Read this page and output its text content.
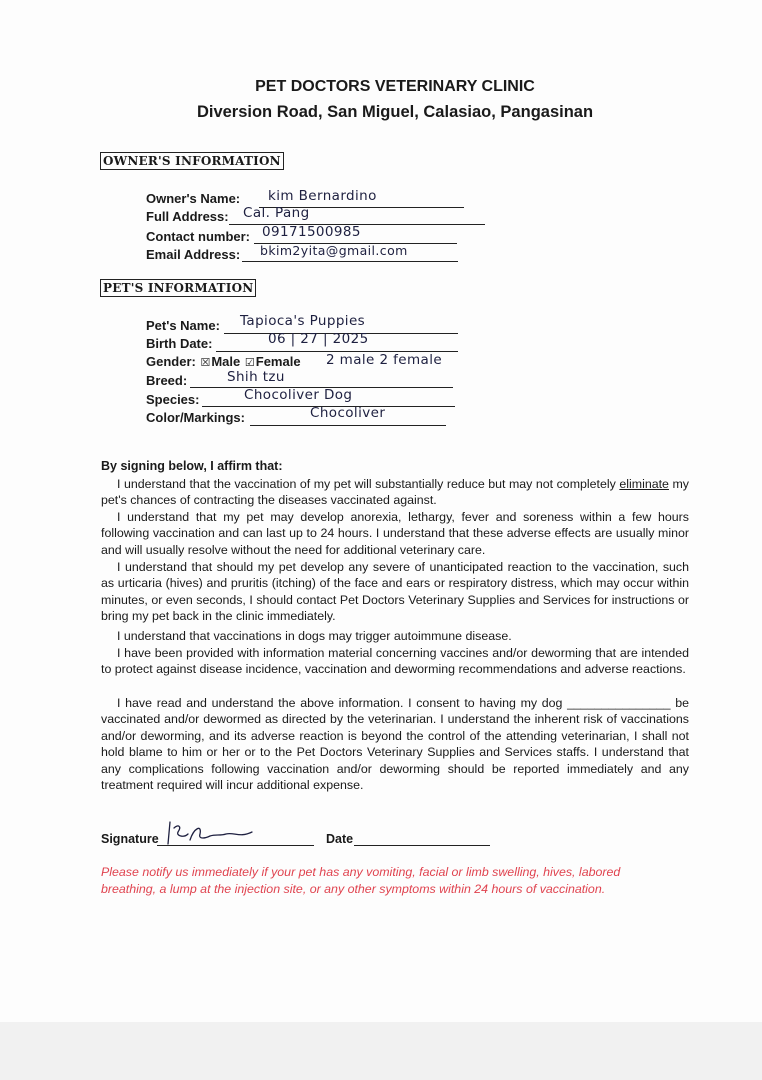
PET DOCTORS VETERINARY CLINIC
Diversion Road, San Miguel, Calasiao, Pangasinan
OWNER'S INFORMATION
Owner's Name: kim Bernardino
Full Address: Cal. Pang
Contact number: 09171500985
Email Address: bkim2yita@gmail.com
PET'S INFORMATION
Pet's Name: Tapioca's Puppies
Birth Date:	06 | 27 | 2025
Gender: ☒Male ☑Female 2 male 2 female
Breed:	Shih tzu
Species:	Chocoliver Dog
Color/Markings:	Chocoliver
By signing below, I affirm that:

I understand that the vaccination of my pet will substantially reduce but may not completely eliminate my pet's chances of contracting the diseases vaccinated against.

I understand that my pet may develop anorexia, lethargy, fever and soreness within a few hours following vaccination and can last up to 24 hours. I understand that these adverse effects are usually minor and will usually resolve without the need for additional veterinary care.

I understand that should my pet develop any severe of unanticipated reaction to the vaccination, such as urticaria (hives) and pruritis (itching) of the face and ears or respiratory distress, which may occur within minutes, or even seconds, I should contact Pet Doctors Veterinary Supplies and Services for instructions or bring my pet back in the clinic immediately.

I understand that vaccinations in dogs may trigger autoimmune disease.

I have been provided with information material concerning vaccines and/or deworming that are intended to protect against disease incidence, vaccination and deworming recommendations and adverse reactions.

I have read and understand the above information. I consent to having my dog _______________ be vaccinated and/or dewormed as directed by the veterinarian. I understand the inherent risk of vaccinations and/or deworming, and its adverse reaction is beyond the control of the attending veterinarian, I shall not hold blame to him or her or to the Pet Doctors Veterinary Supplies and Services staffs. I understand that any complications following vaccination and/or deworming should be reported immediately and any treatment required will incur additional expense.

Signature	Date
Please notify us immediately if your pet has any vomiting, facial or limb swelling, hives, labored breathing, a lump at the injection site, or any other symptoms within 24 hours of vaccination.
